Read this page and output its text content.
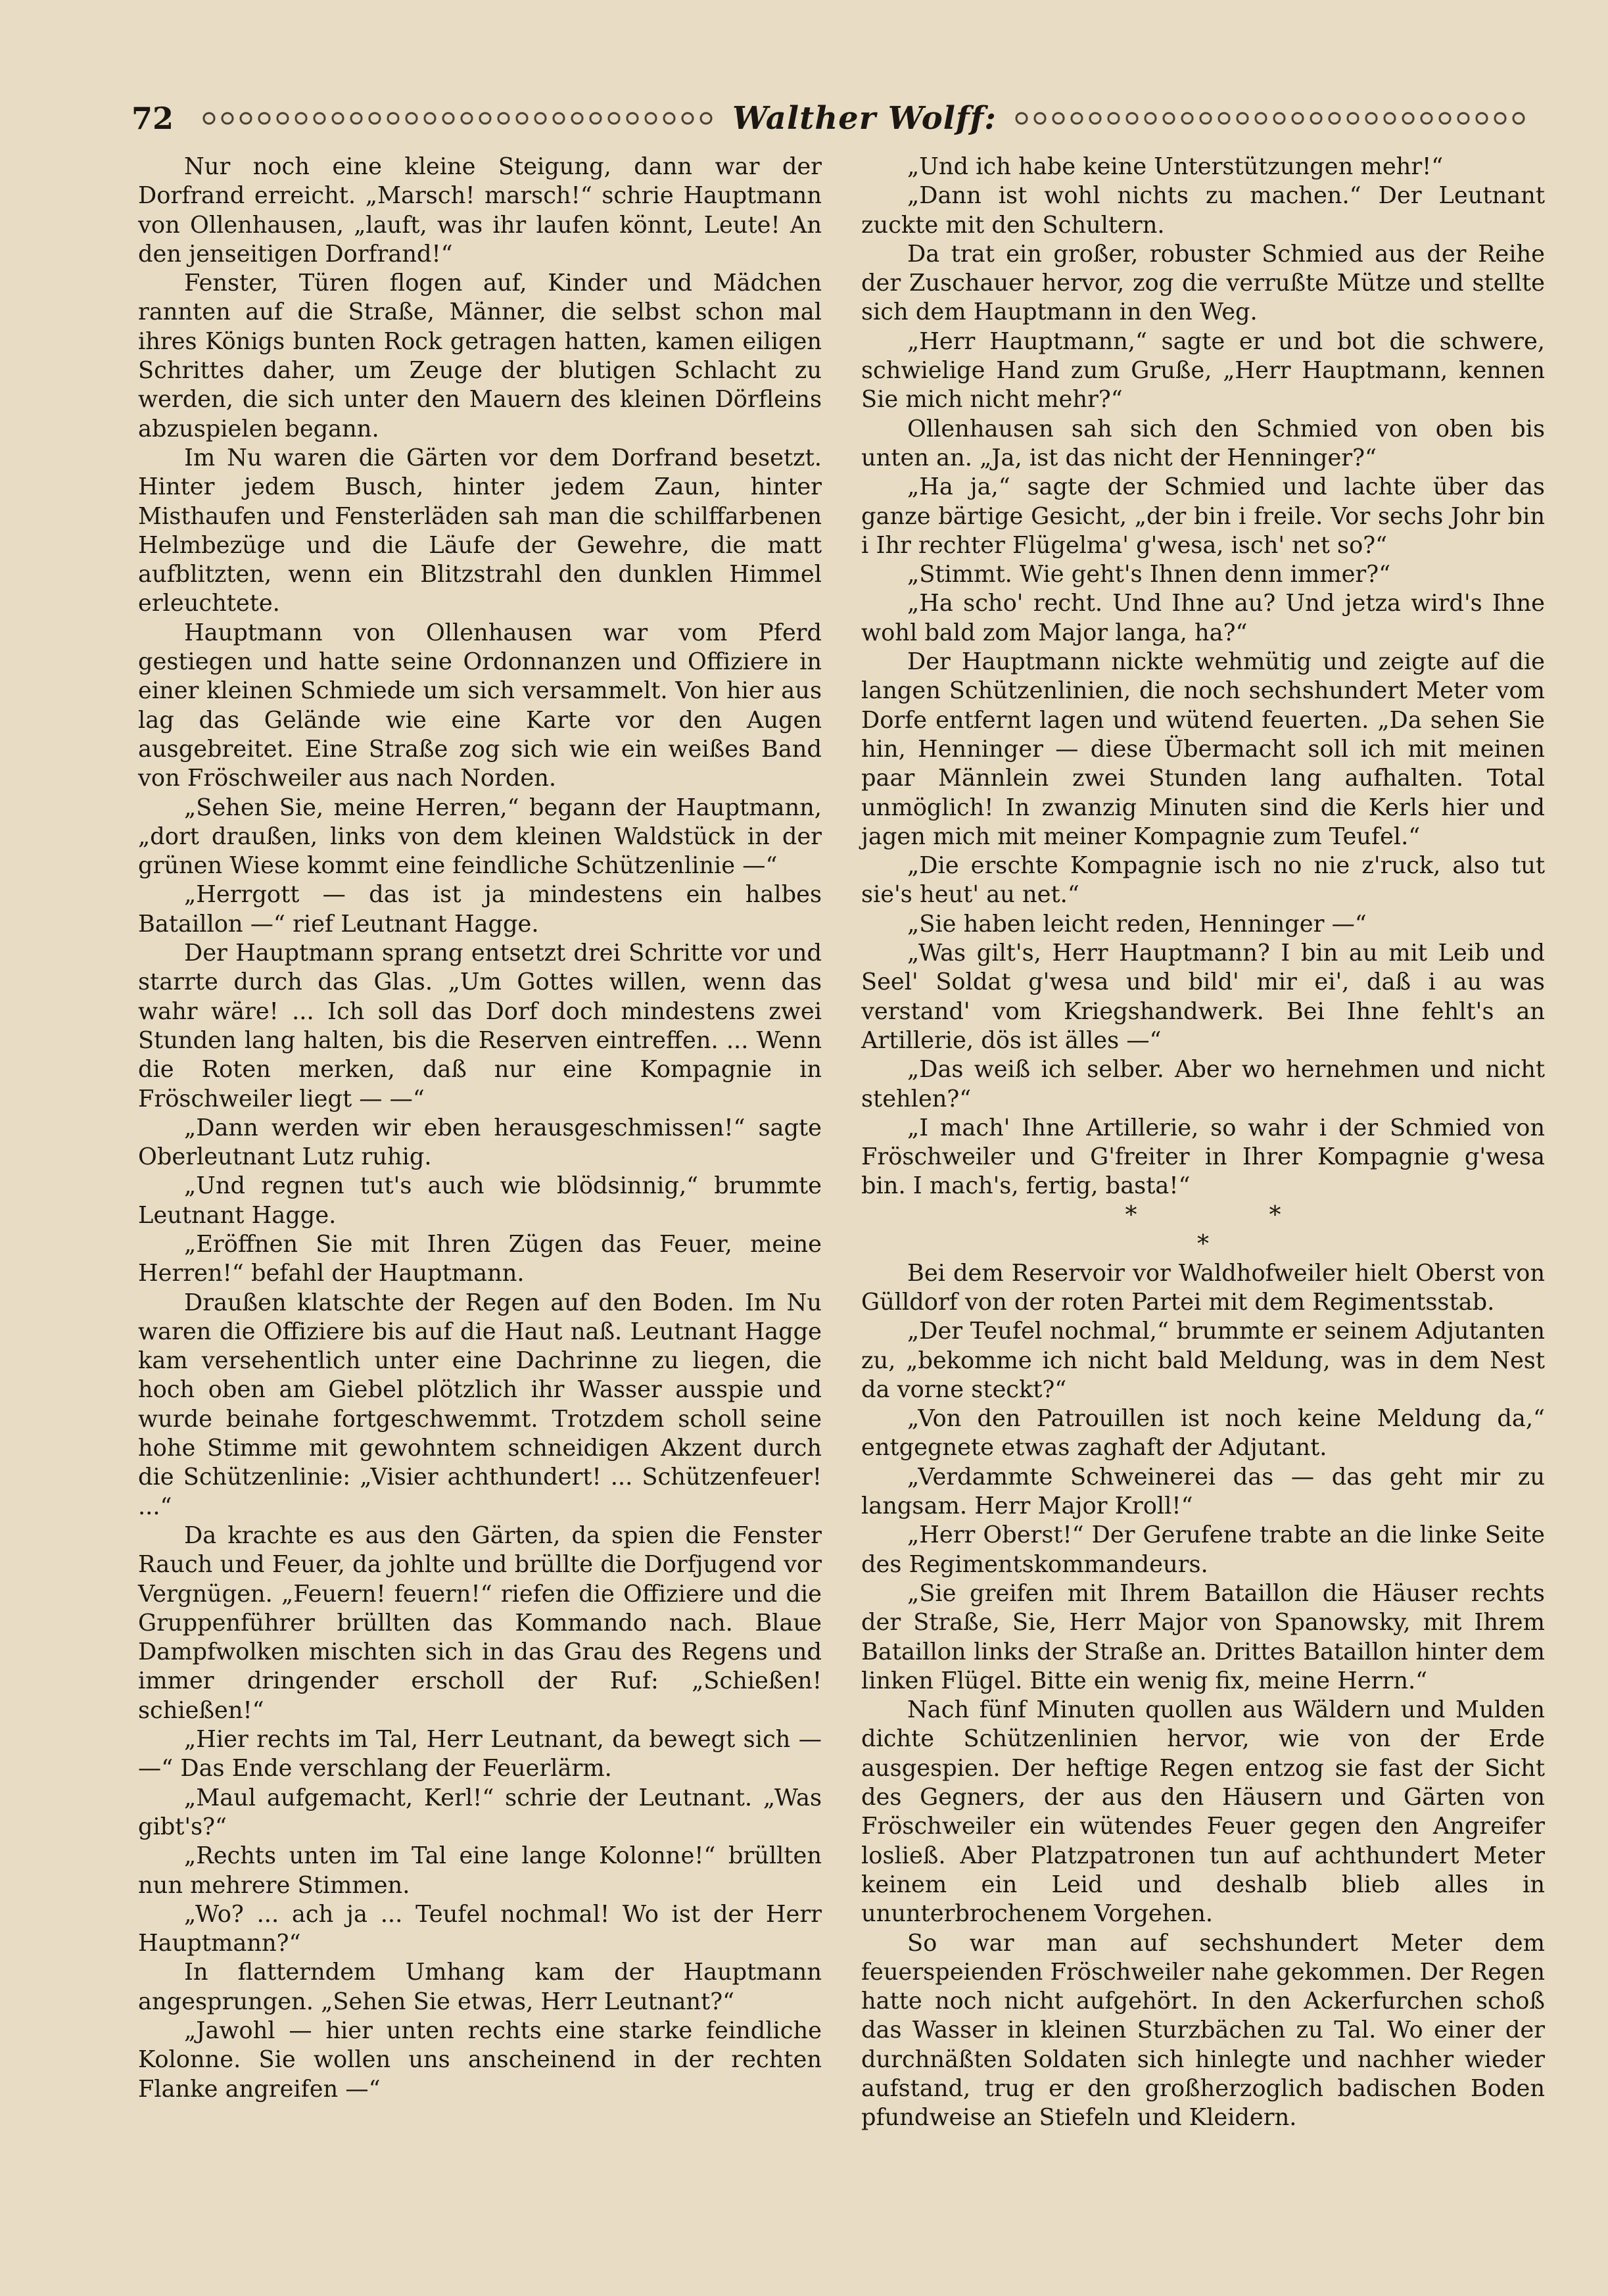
72	Walther Wolff:

Nur noch eine kleine Steigung, dann war der Dorfrand erreicht. „Marsch! marsch!“ schrie Hauptmann von Ollenhausen, „lauft, was ihr laufen könnt, Leute! An den jenseitigen Dorfrand!“

Fenster, Türen flogen auf, Kinder und Mädchen rannten auf die Straße, Männer, die selbst schon mal ihres Königs bunten Rock getragen hatten, kamen eiligen Schrittes daher, um Zeuge der blutigen Schlacht zu werden, die sich unter den Mauern des kleinen Dörfleins abzuspielen begann.

Im Nu waren die Gärten vor dem Dorfrand besetzt. Hinter jedem Busch, hinter jedem Zaun, hinter Misthaufen und Fensterläden sah man die schilffarbenen Helmbezüge und die Läufe der Gewehre, die matt aufblitzten, wenn ein Blitzstrahl den dunklen Himmel erleuchtete.

Hauptmann von Ollenhausen war vom Pferd gestiegen und hatte seine Ordonnanzen und Offiziere in einer kleinen Schmiede um sich versammelt. Von hier aus lag das Gelände wie eine Karte vor den Augen ausgebreitet. Eine Straße zog sich wie ein weißes Band von Fröschweiler aus nach Norden.

„Sehen Sie, meine Herren,“ begann der Hauptmann, „dort draußen, links von dem kleinen Waldstück in der grünen Wiese kommt eine feindliche Schützenlinie —“

„Herrgott — das ist ja mindestens ein halbes Bataillon —“ rief Leutnant Hagge.

Der Hauptmann sprang entsetzt drei Schritte vor und starrte durch das Glas. „Um Gottes willen, wenn das wahr wäre! ... Ich soll das Dorf doch mindestens zwei Stunden lang halten, bis die Reserven eintreffen. ... Wenn die Roten merken, daß nur eine Kompagnie in Fröschweiler liegt — —“

„Dann werden wir eben herausgeschmissen!“ sagte Oberleutnant Lutz ruhig.

„Und regnen tut's auch wie blödsinnig,“ brummte Leutnant Hagge.

„Eröffnen Sie mit Ihren Zügen das Feuer, meine Herren!“ befahl der Hauptmann.

Draußen klatschte der Regen auf den Boden. Im Nu waren die Offiziere bis auf die Haut naß. Leutnant Hagge kam versehentlich unter eine Dachrinne zu liegen, die hoch oben am Giebel plötzlich ihr Wasser ausspie und wurde beinahe fortgeschwemmt. Trotzdem scholl seine hohe Stimme mit gewohntem schneidigen Akzent durch die Schützenlinie: „Visier achthundert! ... Schützenfeuer! ...“

Da krachte es aus den Gärten, da spien die Fenster Rauch und Feuer, da johlte und brüllte die Dorfjugend vor Vergnügen. „Feuern! feuern!“ riefen die Offiziere und die Gruppenführer brüllten das Kommando nach. Blaue Dampfwolken mischten sich in das Grau des Regens und immer dringender erscholl der Ruf: „Schießen! schießen!“

„Hier rechts im Tal, Herr Leutnant, da bewegt sich — —“ Das Ende verschlang der Feuerlärm.

„Maul aufgemacht, Kerl!“ schrie der Leutnant. „Was gibt's?“

„Rechts unten im Tal eine lange Kolonne!“ brüllten nun mehrere Stimmen.

„Wo? ... ach ja ... Teufel nochmal! Wo ist der Herr Hauptmann?“

In flatterndem Umhang kam der Hauptmann angesprungen. „Sehen Sie etwas, Herr Leutnant?“

„Jawohl — hier unten rechts eine starke feindliche Kolonne. Sie wollen uns anscheinend in der rechten Flanke angreifen —“

„Und ich habe keine Unterstützungen mehr!“

„Dann ist wohl nichts zu machen.“ Der Leutnant zuckte mit den Schultern.

Da trat ein großer, robuster Schmied aus der Reihe der Zuschauer hervor, zog die verrußte Mütze und stellte sich dem Hauptmann in den Weg.

„Herr Hauptmann,“ sagte er und bot die schwere, schwielige Hand zum Gruße, „Herr Hauptmann, kennen Sie mich nicht mehr?“

Ollenhausen sah sich den Schmied von oben bis unten an. „Ja, ist das nicht der Henninger?“

„Ha ja,“ sagte der Schmied und lachte über das ganze bärtige Gesicht, „der bin i freile. Vor sechs Johr bin i Ihr rechter Flügelma' g'wesa, isch' net so?“

„Stimmt. Wie geht's Ihnen denn immer?“

„Ha scho' recht. Und Ihne au? Und jetza wird's Ihne wohl bald zom Major langa, ha?“

Der Hauptmann nickte wehmütig und zeigte auf die langen Schützenlinien, die noch sechshundert Meter vom Dorfe entfernt lagen und wütend feuerten. „Da sehen Sie hin, Henninger — diese Übermacht soll ich mit meinen paar Männlein zwei Stunden lang aufhalten. Total unmöglich! In zwanzig Minuten sind die Kerls hier und jagen mich mit meiner Kompagnie zum Teufel.“

„Die erschte Kompagnie isch no nie z'ruck, also tut sie's heut' au net.“

„Sie haben leicht reden, Henninger —“

„Was gilt's, Herr Hauptmann? I bin au mit Leib und Seel' Soldat g'wesa und bild' mir ei', daß i au was verstand' vom Kriegshandwerk. Bei Ihne fehlt's an Artillerie, dös ist älles —“

„Das weiß ich selber. Aber wo hernehmen und nicht stehlen?“

„I mach' Ihne Artillerie, so wahr i der Schmied von Fröschweiler und G'freiter in Ihrer Kompagnie g'wesa bin. I mach's, fertig, basta!“

* * *

Bei dem Reservoir vor Waldhofweiler hielt Oberst von Gülldorf von der roten Partei mit dem Regimentsstab.

„Der Teufel nochmal,“ brummte er seinem Adjutanten zu, „bekomme ich nicht bald Meldung, was in dem Nest da vorne steckt?“

„Von den Patrouillen ist noch keine Meldung da,“ entgegnete etwas zaghaft der Adjutant.

„Verdammte Schweinerei das — das geht mir zu langsam. Herr Major Kroll!“

„Herr Oberst!“ Der Gerufene trabte an die linke Seite des Regimentskommandeurs.

„Sie greifen mit Ihrem Bataillon die Häuser rechts der Straße, Sie, Herr Major von Spanowsky, mit Ihrem Bataillon links der Straße an. Drittes Bataillon hinter dem linken Flügel. Bitte ein wenig fix, meine Herrn.“

Nach fünf Minuten quollen aus Wäldern und Mulden dichte Schützenlinien hervor, wie von der Erde ausgespien. Der heftige Regen entzog sie fast der Sicht des Gegners, der aus den Häusern und Gärten von Fröschweiler ein wütendes Feuer gegen den Angreifer losließ. Aber Platzpatronen tun auf achthundert Meter keinem ein Leid und deshalb blieb alles in ununterbrochenem Vorgehen.

So war man auf sechshundert Meter dem feuerspeienden Fröschweiler nahe gekommen. Der Regen hatte noch nicht aufgehört. In den Ackerfurchen schoß das Wasser in kleinen Sturzbächen zu Tal. Wo einer der durchnäßten Soldaten sich hinlegte und nachher wieder aufstand, trug er den großherzoglich badischen Boden pfundweise an Stiefeln und Kleidern.
